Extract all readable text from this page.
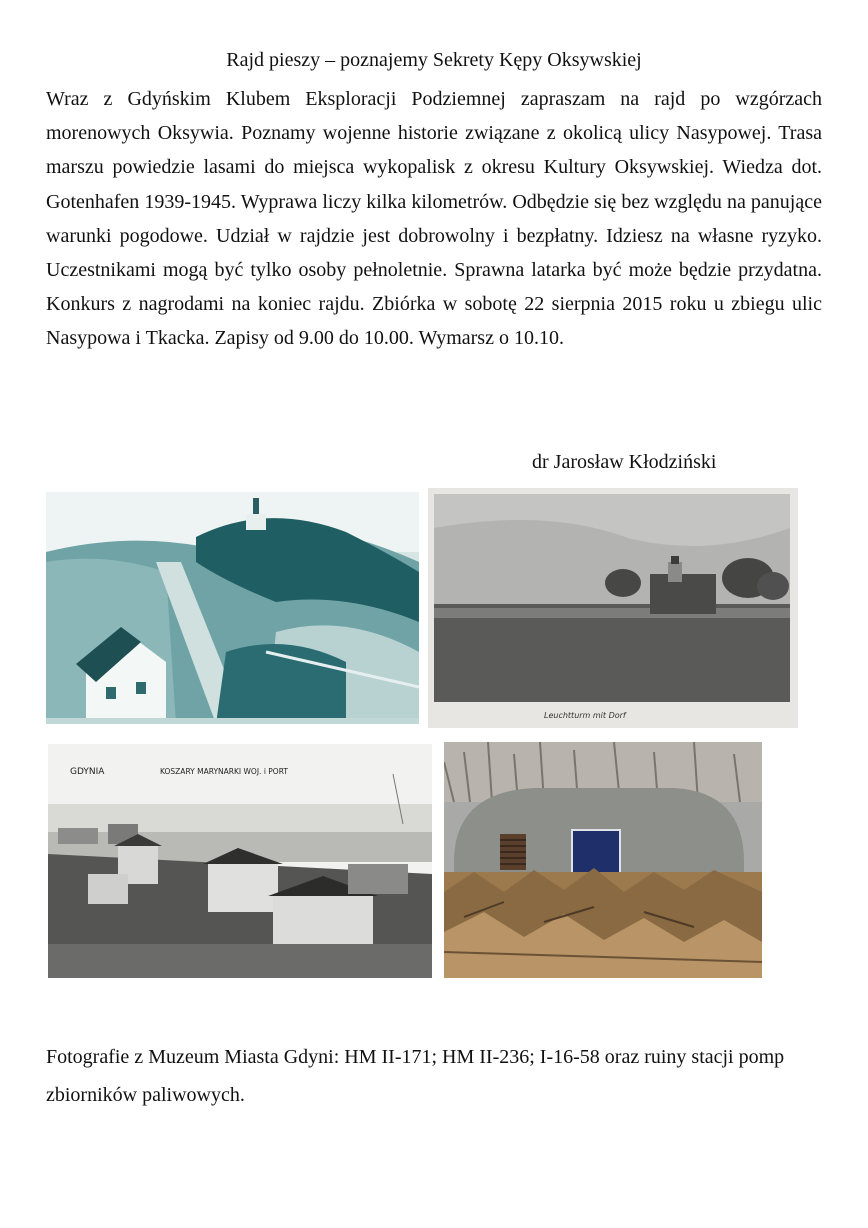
Rajd pieszy – poznajemy Sekrety Kępy Oksywskiej

Wraz z Gdyńskim Klubem Eksploracji Podziemnej zapraszam na rajd po wzgórzach morenowych Oksywia. Poznamy wojenne historie związane z okolicą ulicy Nasypowej. Trasa marszu powiedzie lasami do miejsca wykopalisk z okresu Kultury Oksywskiej. Wiedza dot. Gotenhafen 1939-1945. Wyprawa liczy kilka kilometrów. Odbędzie się bez względu na panujące warunki pogodowe. Udział w rajdzie jest dobrowolny i bezpłatny. Idziesz na własne ryzyko. Uczestnikami mogą być tylko osoby pełnoletnie. Sprawna latarka być może będzie przydatna. Konkurs z nagrodami na koniec rajdu. Zbiórka w sobotę 22 sierpnia 2015 roku u zbiegu ulic Nasypowa i Tkacka. Zapisy od 9.00 do 10.00. Wymarsz o 10.10.

dr Jarosław Kłodziński
Leuchtturm mit Dorf
GDYNIA	KOSZARY MARYNARKI WOJ. i PORT

Fotografie z Muzeum Miasta Gdyni: HM II-171; HM II-236; I-16-58 oraz ruiny stacji pomp zbiorników paliwowych.
